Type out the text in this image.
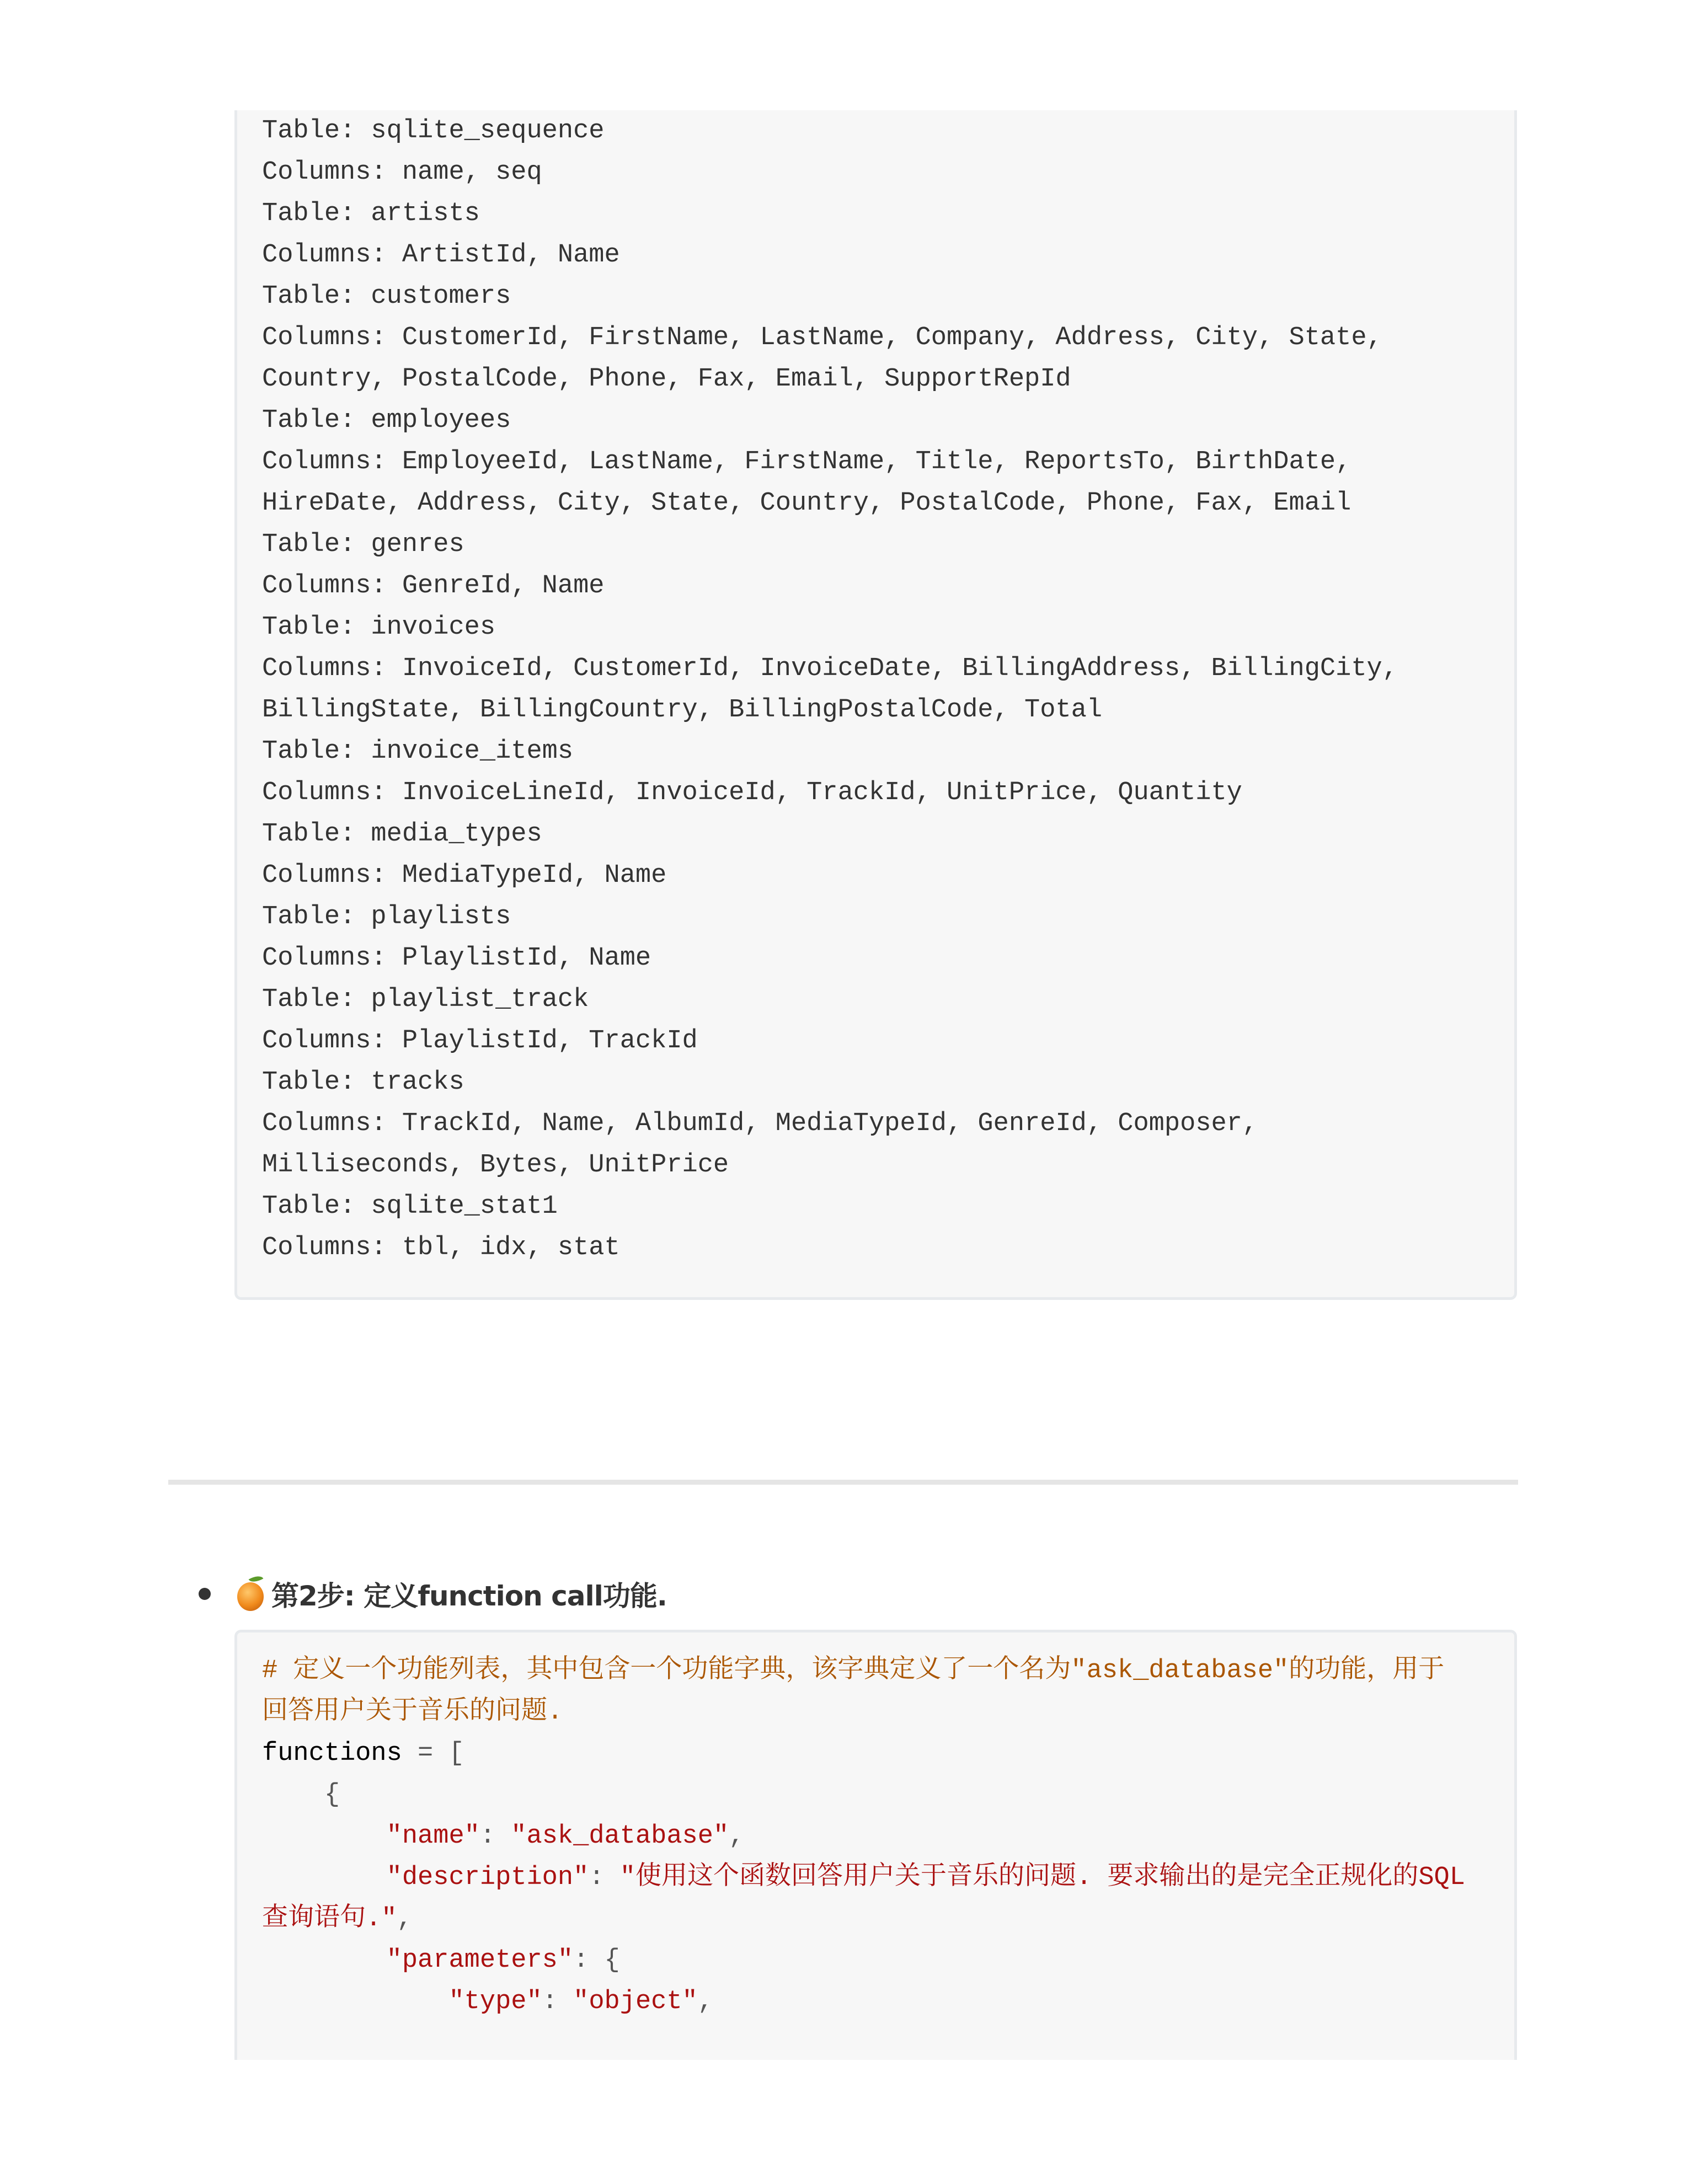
Table: sqlite_sequence
Columns: name, seq
Table: artists
Columns: ArtistId, Name
Table: customers
Columns: CustomerId, FirstName, LastName, Company, Address, City, State,
Country, PostalCode, Phone, Fax, Email, SupportRepId
Table: employees
Columns: EmployeeId, LastName, FirstName, Title, ReportsTo, BirthDate,
HireDate, Address, City, State, Country, PostalCode, Phone, Fax, Email
Table: genres
Columns: GenreId, Name
Table: invoices
Columns: InvoiceId, CustomerId, InvoiceDate, BillingAddress, BillingCity,
BillingState, BillingCountry, BillingPostalCode, Total
Table: invoice_items
Columns: InvoiceLineId, InvoiceId, TrackId, UnitPrice, Quantity
Table: media_types
Columns: MediaTypeId, Name
Table: playlists
Columns: PlaylistId, Name
Table: playlist_track
Columns: PlaylistId, TrackId
Table: tracks
Columns: TrackId, Name, AlbumId, MediaTypeId, GenreId, Composer,
Milliseconds, Bytes, UnitPrice
Table: sqlite_stat1
Columns: tbl, idx, stat
第2步: 定义function call功能.
# 定义一个功能列表，其中包含一个功能字典，该字典定义了一个名为"ask_database"的功能，用于
回答用户关于音乐的问题.
functions = [
{
"name": "ask_database",
"description": "使用这个函数回答用户关于音乐的问题. 要求输出的是完全正规化的SQL
查询语句.",
"parameters": {
"type": "object",
